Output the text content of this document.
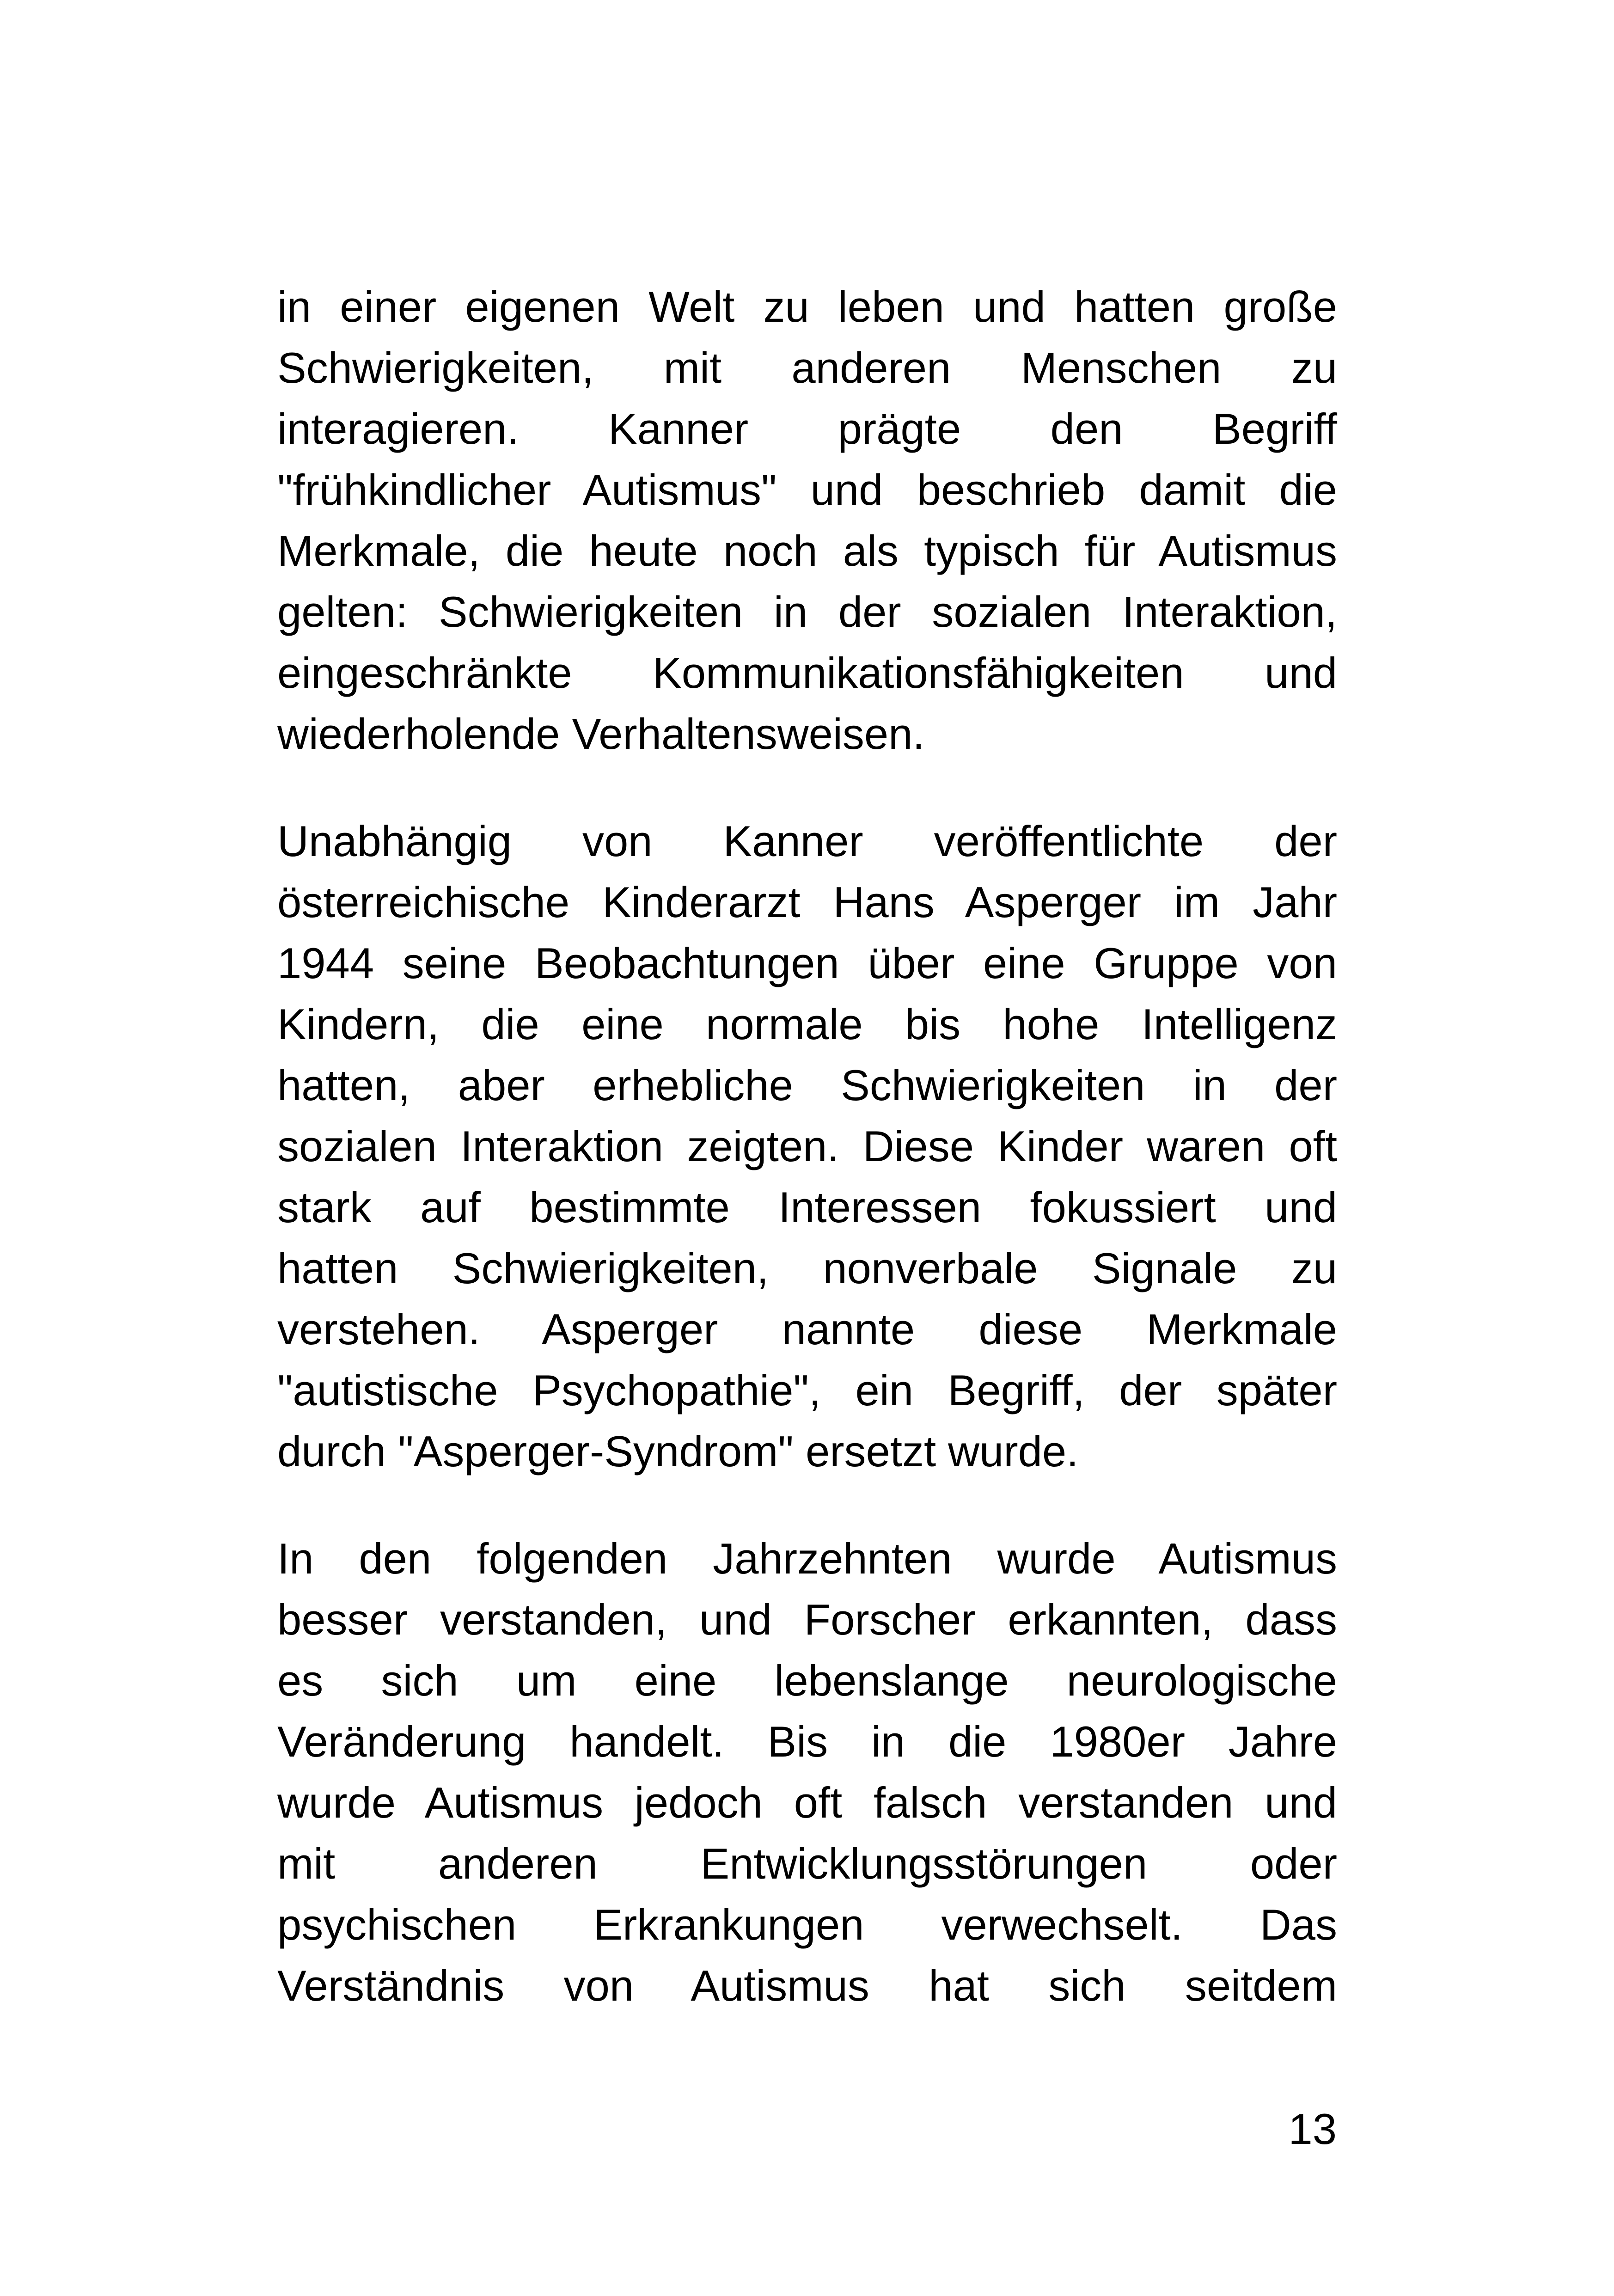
in einer eigenen Welt zu leben und hatten große
Schwierigkeiten, mit anderen Menschen zu
interagieren. Kanner prägte den Begriff
"frühkindlicher Autismus" und beschrieb damit die
Merkmale, die heute noch als typisch für Autismus
gelten: Schwierigkeiten in der sozialen Interaktion,
eingeschränkte Kommunikationsfähigkeiten und
wiederholende Verhaltensweisen.

Unabhängig von Kanner veröffentlichte der
österreichische Kinderarzt Hans Asperger im Jahr
1944 seine Beobachtungen über eine Gruppe von
Kindern, die eine normale bis hohe Intelligenz
hatten, aber erhebliche Schwierigkeiten in der
sozialen Interaktion zeigten. Diese Kinder waren oft
stark auf bestimmte Interessen fokussiert und
hatten Schwierigkeiten, nonverbale Signale zu
verstehen. Asperger nannte diese Merkmale
"autistische Psychopathie", ein Begriff, der später
durch "Asperger-Syndrom" ersetzt wurde.

In den folgenden Jahrzehnten wurde Autismus
besser verstanden, und Forscher erkannten, dass
es sich um eine lebenslange neurologische
Veränderung handelt. Bis in die 1980er Jahre
wurde Autismus jedoch oft falsch verstanden und
mit anderen Entwicklungsstörungen oder
psychischen Erkrankungen verwechselt. Das
Verständnis von Autismus hat sich seitdem

13
